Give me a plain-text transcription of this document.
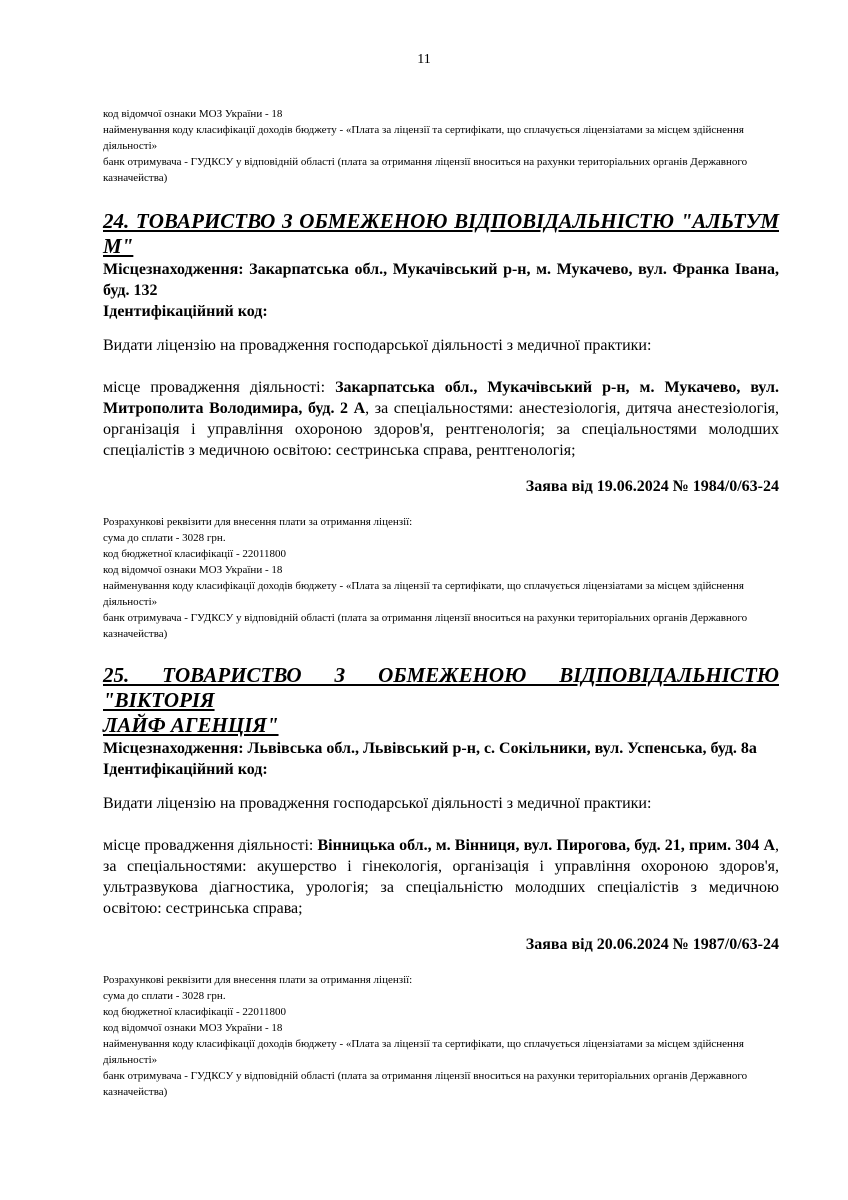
11
код відомчої ознаки МОЗ України - 18
найменування коду класифікації доходів бюджету - «Плата за ліцензії та сертифікати, що сплачується ліцензіатами за місцем здійснення діяльності»
банк отримувача - ГУДКСУ у відповідній області (плата за отримання ліцензії вноситься на рахунки територіальних органів Державного казначейства)
24. ТОВАРИСТВО З ОБМЕЖЕНОЮ ВІДПОВІДАЛЬНІСТЮ "АЛЬТУМ М"
Місцезнаходження: Закарпатська обл., Мукачівський р-н, м. Мукачево, вул. Франка Івана, буд. 132
Ідентифікаційний код:
Видати ліцензію на провадження господарської діяльності з медичної практики:
місце провадження діяльності: Закарпатська обл., Мукачівський р-н, м. Мукачево, вул. Митрополита Володимира, буд. 2 А, за спеціальностями: анестезіологія, дитяча анестезіологія, організація і управління охороною здоров'я, рентгенологія; за спеціальностями молодших спеціалістів з медичною освітою: сестринська справа, рентгенологія;
Заява від 19.06.2024 № 1984/0/63-24
Розрахункові реквізити для внесення плати за отримання ліцензії:
сума до сплати - 3028 грн.
код бюджетної класифікації - 22011800
код відомчої ознаки МОЗ України - 18
найменування коду класифікації доходів бюджету - «Плата за ліцензії та сертифікати, що сплачується ліцензіатами за місцем здійснення діяльності»
банк отримувача - ГУДКСУ у відповідній області (плата за отримання ліцензії вноситься на рахунки територіальних органів Державного казначейства)
25. ТОВАРИСТВО З ОБМЕЖЕНОЮ ВІДПОВІДАЛЬНІСТЮ "ВІКТОРІЯ
ЛАЙФ АГЕНЦІЯ"
Місцезнаходження: Львівська обл., Львівський р-н, с. Сокільники, вул. Успенська, буд. 8а
Ідентифікаційний код:
Видати ліцензію на провадження господарської діяльності з медичної практики:
місце провадження діяльності: Вінницька обл., м. Вінниця, вул. Пирогова, буд. 21, прим. 304 А, за спеціальностями: акушерство і гінекологія, організація і управління охороною здоров'я, ультразвукова діагностика, урологія; за спеціальністю молодших спеціалістів з медичною освітою: сестринська справа;
Заява від 20.06.2024 № 1987/0/63-24
Розрахункові реквізити для внесення плати за отримання ліцензії:
сума до сплати - 3028 грн.
код бюджетної класифікації - 22011800
код відомчої ознаки МОЗ України - 18
найменування коду класифікації доходів бюджету - «Плата за ліцензії та сертифікати, що сплачується ліцензіатами за місцем здійснення діяльності»
банк отримувача - ГУДКСУ у відповідній області (плата за отримання ліцензії вноситься на рахунки територіальних органів Державного казначейства)
